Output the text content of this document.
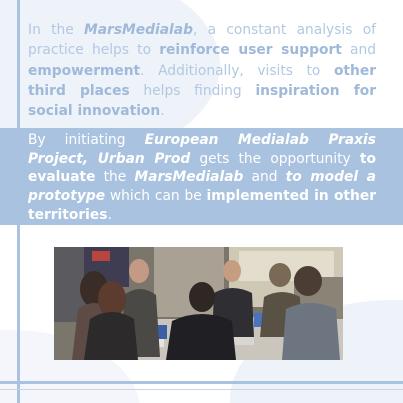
In the MarsMedialab, a constant analysis of practice helps to reinforce user support and empowerment. Additionally, visits to other third places helps finding inspiration for social innovation.

By initiating European Medialab Praxis Project, Urban Prod gets the opportunity to evaluate the MarsMedialab and to model a prototype which can be implemented in other territories.
